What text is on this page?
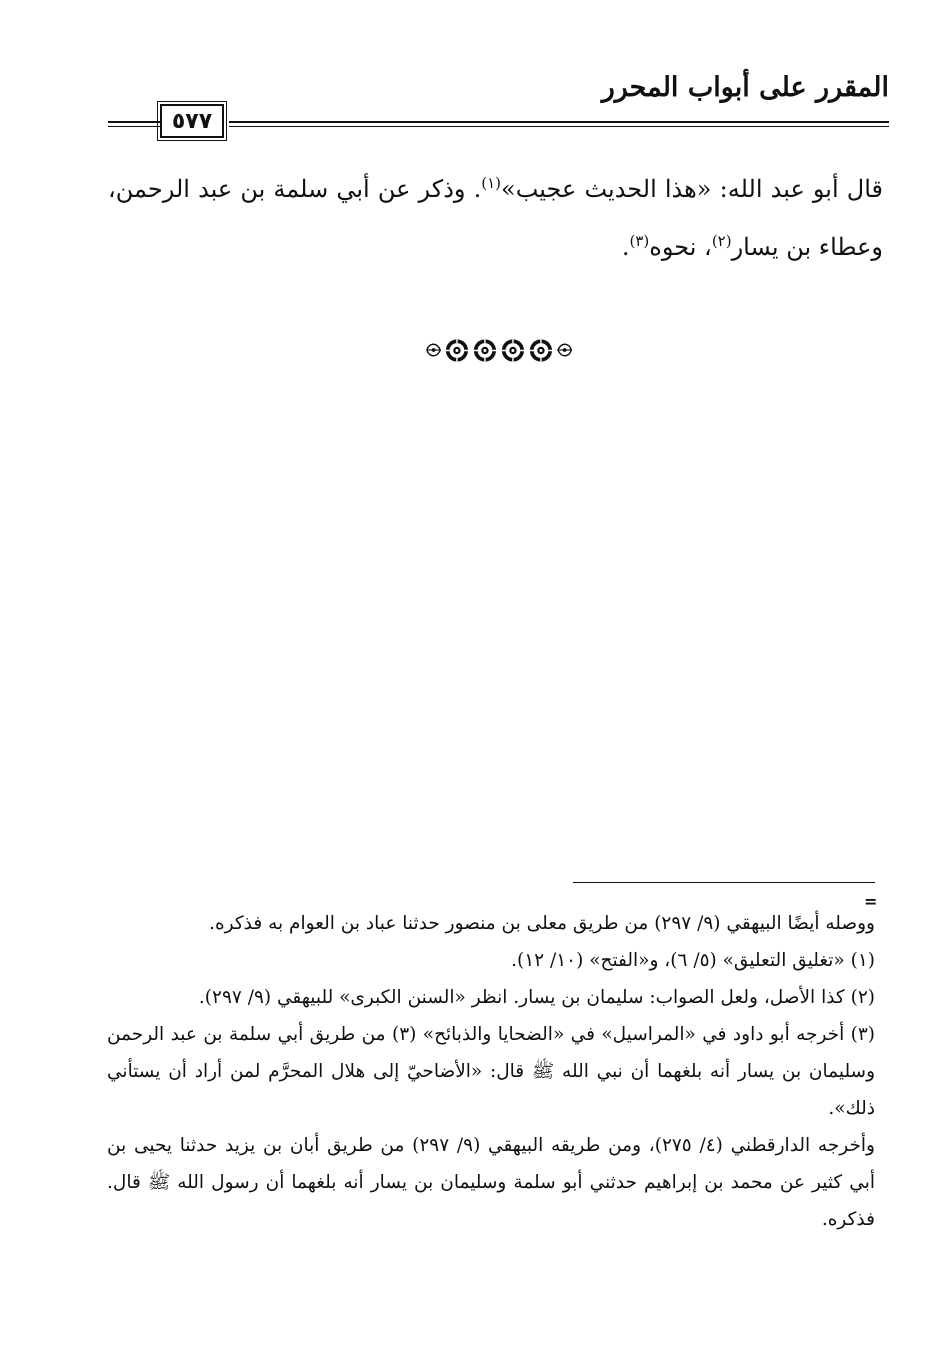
المقرر على أبواب المحرر
٥٧٧

قال أبو عبد الله: «هذا الحديث عجيب»$^{(١)}$. وذكر عن أبي سلمة بن عبد الرحمن، وعطاء بن يسار$^{(٢)}$، نحوه$^{(٣)}$.

=

ووصله أيضًا البيهقي (٩/ ٢٩٧) من طريق معلى بن منصور حدثنا عباد بن العوام به فذكره.

(١) «تغليق التعليق» (٥/ ٦)، و«الفتح» (١٠/ ١٢).

(٢) كذا الأصل، ولعل الصواب: سليمان بن يسار. انظر «السنن الكبرى» للبيهقي (٩/ ٢٩٧).

(٣) أخرجه أبو داود في «المراسيل» في «الضحايا والذبائح» (٣) من طريق أبي سلمة بن عبد الرحمن وسليمان بن يسار أنه بلغهما أن نبي الله ﷺ قال: «الأضاحيّ إلى هلال المحرَّم لمن أراد أن يستأني ذلك».

وأخرجه الدارقطني (٤/ ٢٧٥)، ومن طريقه البيهقي (٩/ ٢٩٧) من طريق أبان بن يزيد حدثنا يحيى بن أبي كثير عن محمد بن إبراهيم حدثني أبو سلمة وسليمان بن يسار أنه بلغهما أن رسول الله ﷺ قال. فذكره.
